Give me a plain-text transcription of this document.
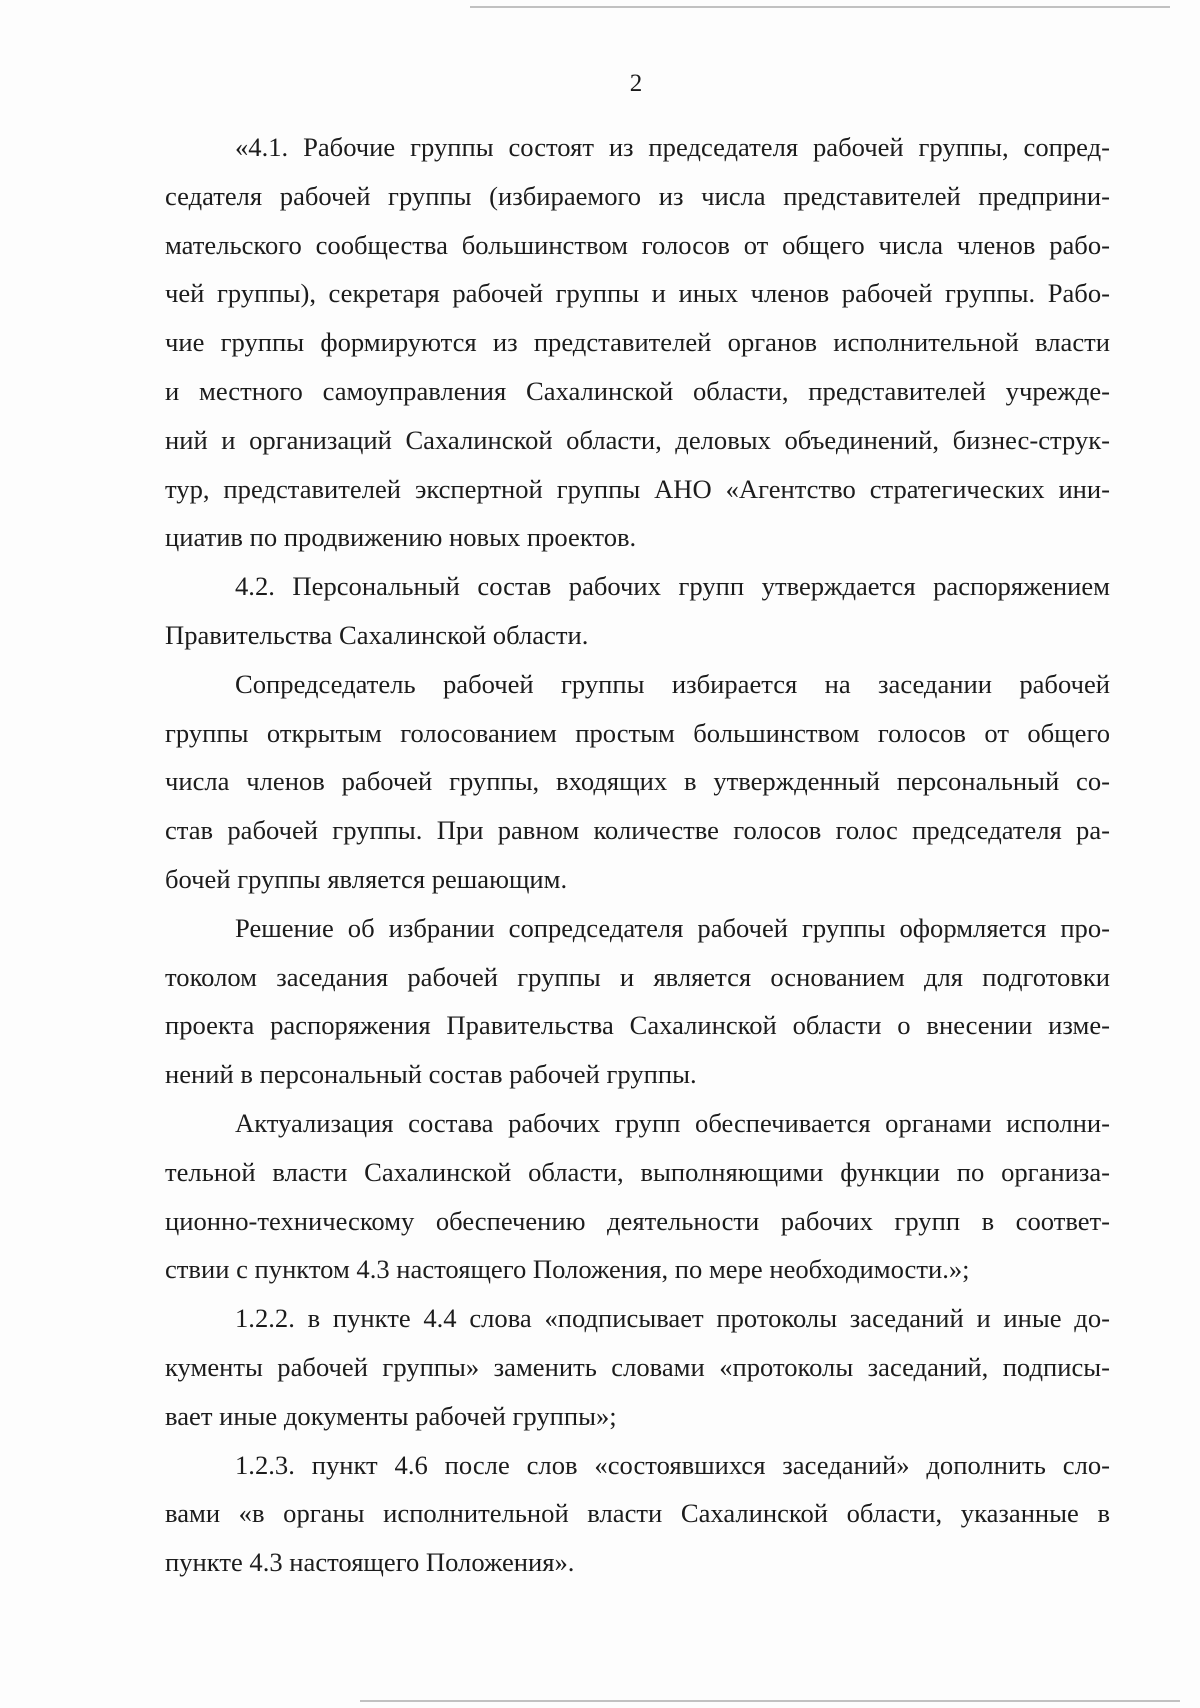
2
«4.1. Рабочие группы состоят из председателя рабочей группы, сопред-
седателя рабочей группы (избираемого из числа представителей предприни-
мательского сообщества большинством голосов от общего числа членов рабо-
чей группы), секретаря рабочей группы и иных членов рабочей группы. Рабо-
чие группы формируются из представителей органов исполнительной власти
и местного самоуправления Сахалинской области, представителей учрежде-
ний и организаций Сахалинской области, деловых объединений, бизнес-струк-
тур, представителей экспертной группы АНО «Агентство стратегических ини-
циатив по продвижению новых проектов.
4.2. Персональный состав рабочих групп утверждается распоряжением
Правительства Сахалинской области.
Сопредседатель рабочей группы избирается на заседании рабочей
группы открытым голосованием простым большинством голосов от общего
числа членов рабочей группы, входящих в утвержденный персональный со-
став рабочей группы. При равном количестве голосов голос председателя ра-
бочей группы является решающим.
Решение об избрании сопредседателя рабочей группы оформляется про-
токолом заседания рабочей группы и является основанием для подготовки
проекта распоряжения Правительства Сахалинской области о внесении изме-
нений в персональный состав рабочей группы.
Актуализация состава рабочих групп обеспечивается органами исполни-
тельной власти Сахалинской области, выполняющими функции по организа-
ционно-техническому обеспечению деятельности рабочих групп в соответ-
ствии с пунктом 4.3 настоящего Положения, по мере необходимости.»;
1.2.2. в пункте 4.4 слова «подписывает протоколы заседаний и иные до-
кументы рабочей группы» заменить словами «протоколы заседаний, подписы-
вает иные документы рабочей группы»;
1.2.3. пункт 4.6 после слов «состоявшихся заседаний» дополнить сло-
вами «в органы исполнительной власти Сахалинской области, указанные в
пункте 4.3 настоящего Положения».
